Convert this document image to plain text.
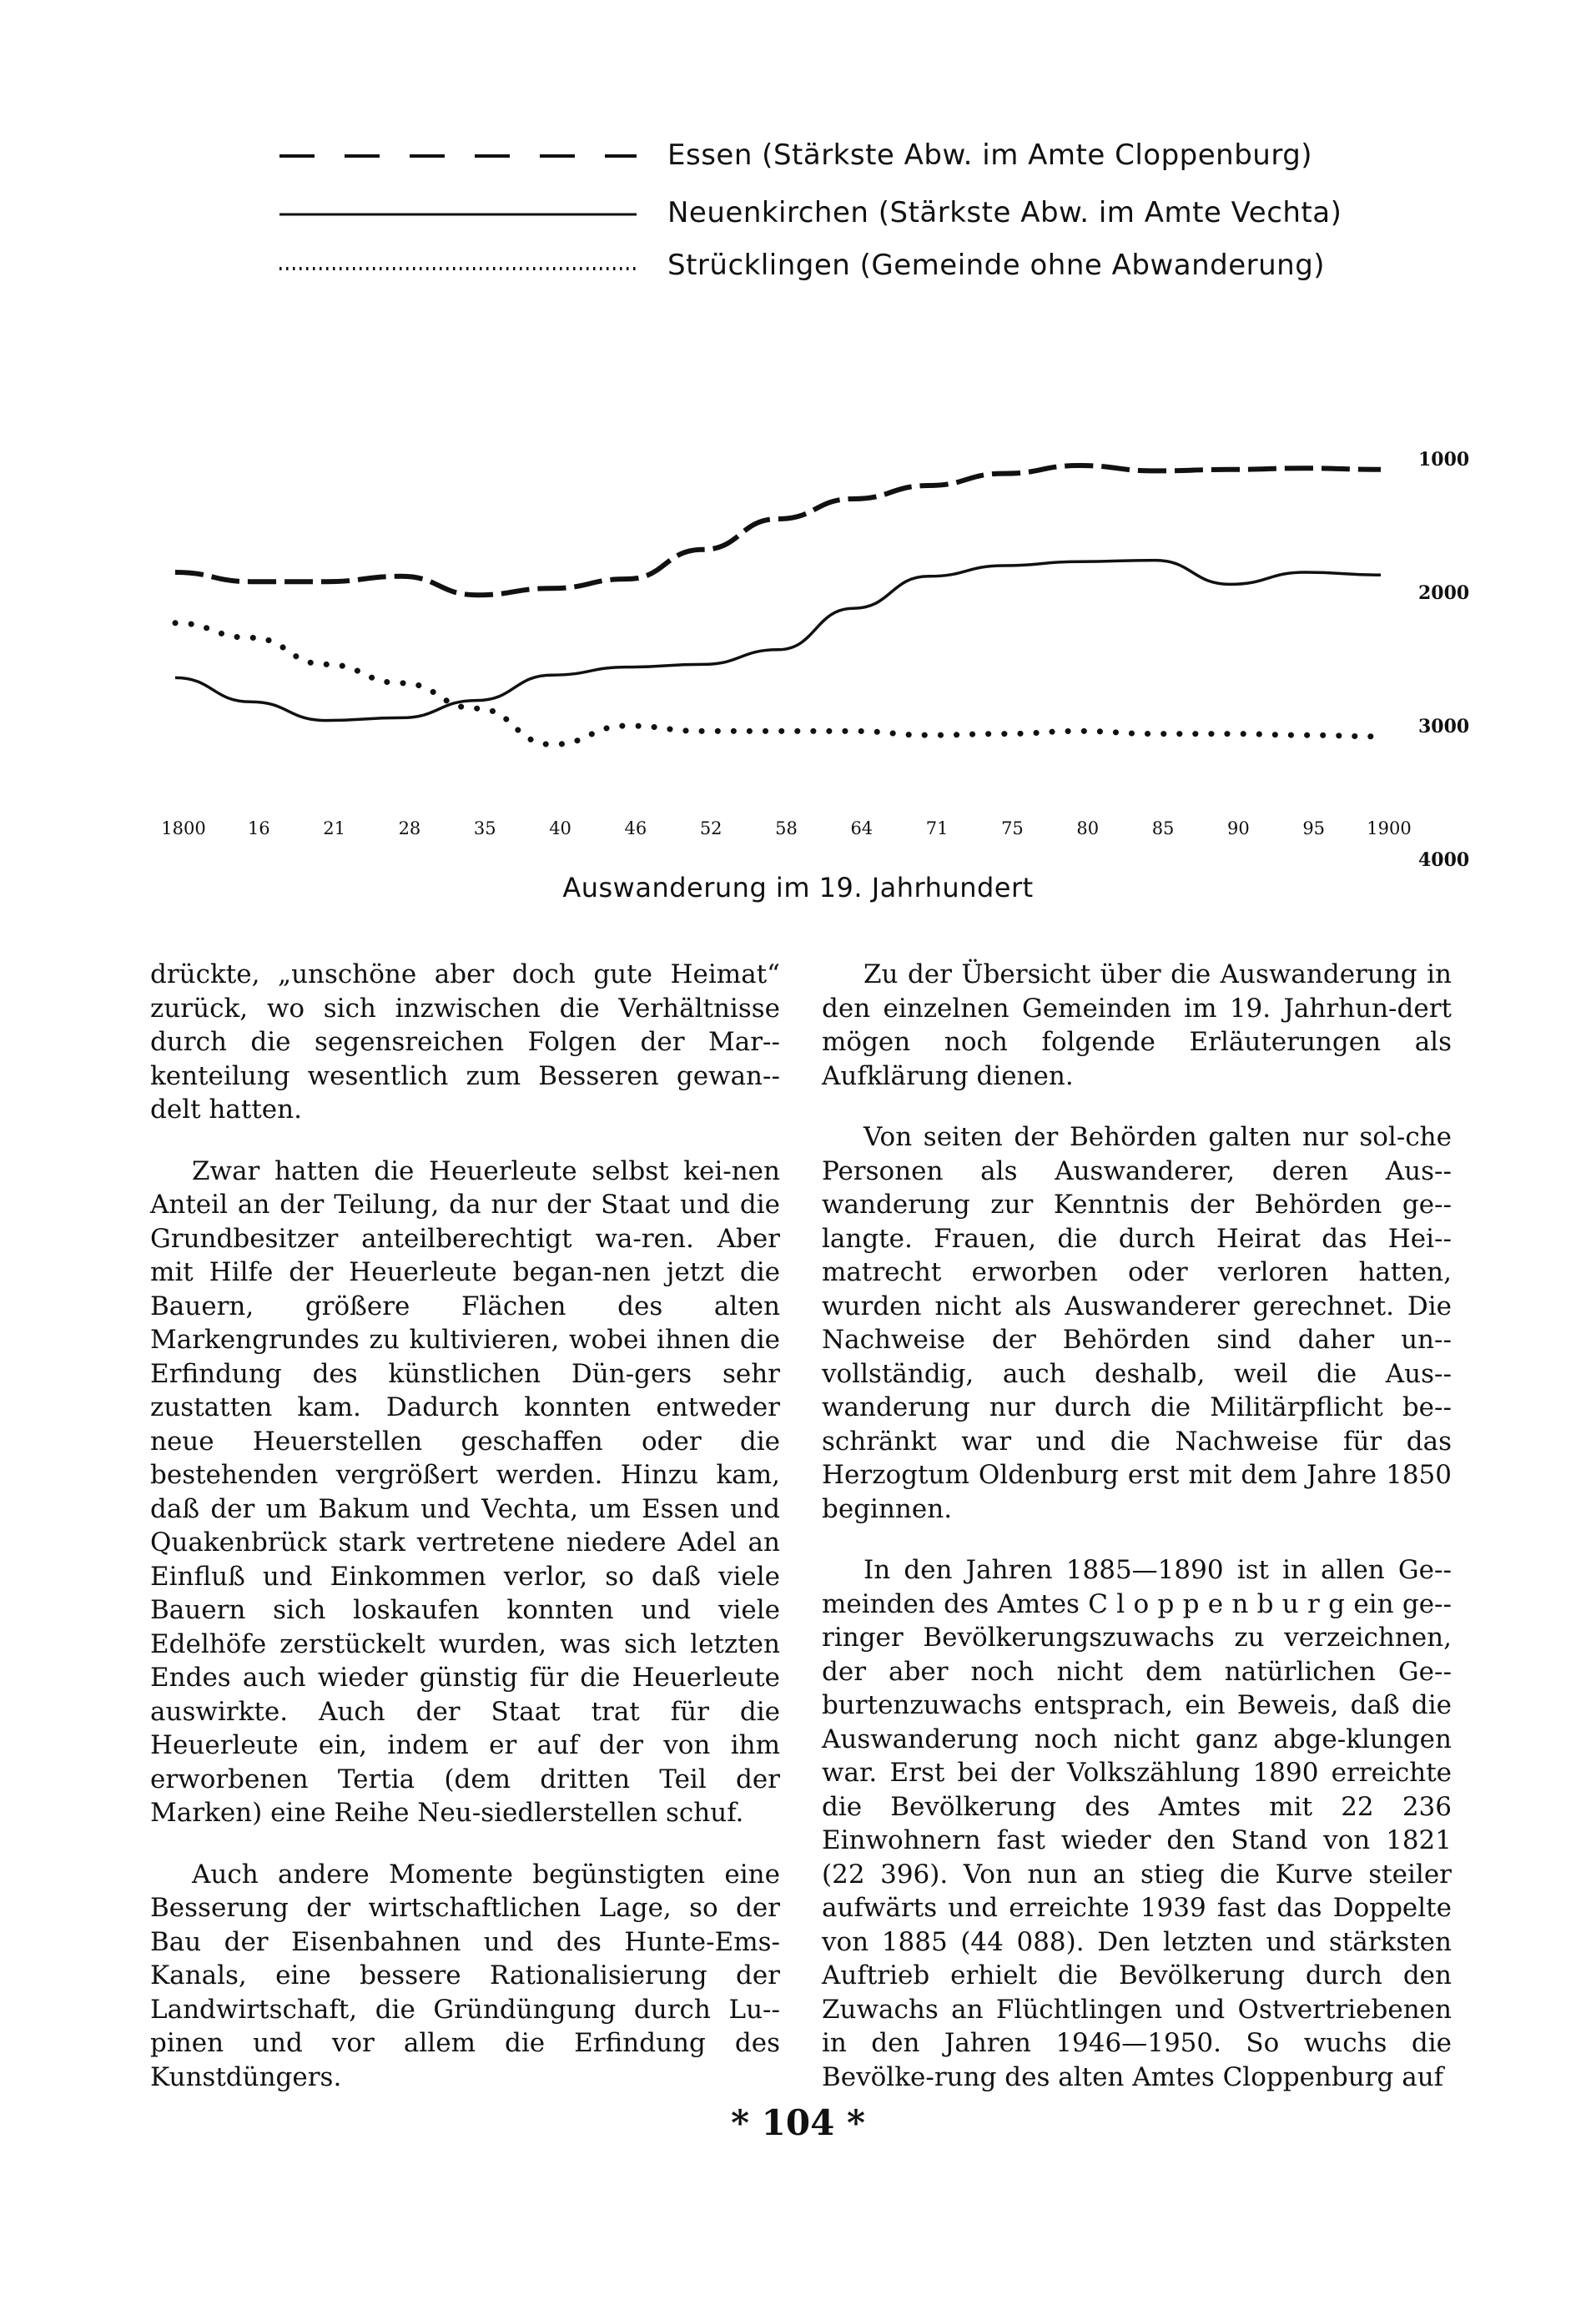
4000
3000
2000
1000
1800 16	21	28	35	40	46	52	58	64	71	75	80	85	90	95 1900
Essen (Stärkste Abw. im Amte Cloppenburg)
Neuenkirchen (Stärkste Abw. im Amte Vechta)
Strücklingen (Gemeinde ohne Abwanderung)
Auswanderung im 19. Jahrhundert

drückte, „unschöne aber doch gute Heimat“ zurück, wo sich inzwischen die Verhältnisse durch die segensreichen Folgen der Mar-kenteilung wesentlich zum Besseren gewan-delt hatten.

Zwar hatten die Heuerleute selbst kei-nen Anteil an der Teilung, da nur der Staat und die Grundbesitzer anteilberechtigt wa-ren. Aber mit Hilfe der Heuerleute began-nen jetzt die Bauern, größere Flächen des alten Markengrundes zu kultivieren, wobei ihnen die Erfindung des künstlichen Dün-gers sehr zustatten kam. Dadurch konnten entweder neue Heuerstellen geschaffen oder die bestehenden vergrößert werden. Hinzu kam, daß der um Bakum und Vechta, um Essen und Quakenbrück stark vertretene niedere Adel an Einfluß und Einkommen verlor, so daß viele Bauern sich loskaufen konnten und viele Edelhöfe zerstückelt wurden, was sich letzten Endes auch wieder günstig für die Heuerleute auswirkte. Auch der Staat trat für die Heuerleute ein, indem er auf der von ihm erworbenen Tertia (dem dritten Teil der Marken) eine Reihe Neu-siedlerstellen schuf.

Auch andere Momente begünstigten eine Besserung der wirtschaftlichen Lage, so der Bau der Eisenbahnen und des Hunte-Ems-Kanals, eine bessere Rationalisierung der Landwirtschaft, die Gründüngung durch Lu-pinen und vor allem die Erfindung des Kunstdüngers.

Zu der Übersicht über die Auswanderung in den einzelnen Gemeinden im 19. Jahrhun-dert mögen noch folgende Erläuterungen als Aufklärung dienen.

Von seiten der Behörden galten nur sol-che Personen als Auswanderer, deren Aus-wanderung zur Kenntnis der Behörden ge-langte. Frauen, die durch Heirat das Hei-matrecht erworben oder verloren hatten, wurden nicht als Auswanderer gerechnet. Die Nachweise der Behörden sind daher un-vollständig, auch deshalb, weil die Aus-wanderung nur durch die Militärpflicht be-schränkt war und die Nachweise für das Herzogtum Oldenburg erst mit dem Jahre 1850 beginnen.

In den Jahren 1885—1890 ist in allen Ge-meinden des Amtes C l o p p e n b u r g ein ge-ringer Bevölkerungszuwachs zu verzeichnen, der aber noch nicht dem natürlichen Ge-burtenzuwachs entsprach, ein Beweis, daß die Auswanderung noch nicht ganz abge-klungen war. Erst bei der Volkszählung 1890 erreichte die Bevölkerung des Amtes mit 22 236 Einwohnern fast wieder den Stand von 1821 (22 396). Von nun an stieg die Kurve steiler aufwärts und erreichte 1939 fast das Doppelte von 1885 (44 088). Den letzten und stärksten Auftrieb erhielt die Bevölkerung durch den Zuwachs an Flüchtlingen und Ostvertriebenen in den Jahren 1946—1950. So wuchs die Bevölke-rung des alten Amtes Cloppenburg auf

* 104 *
